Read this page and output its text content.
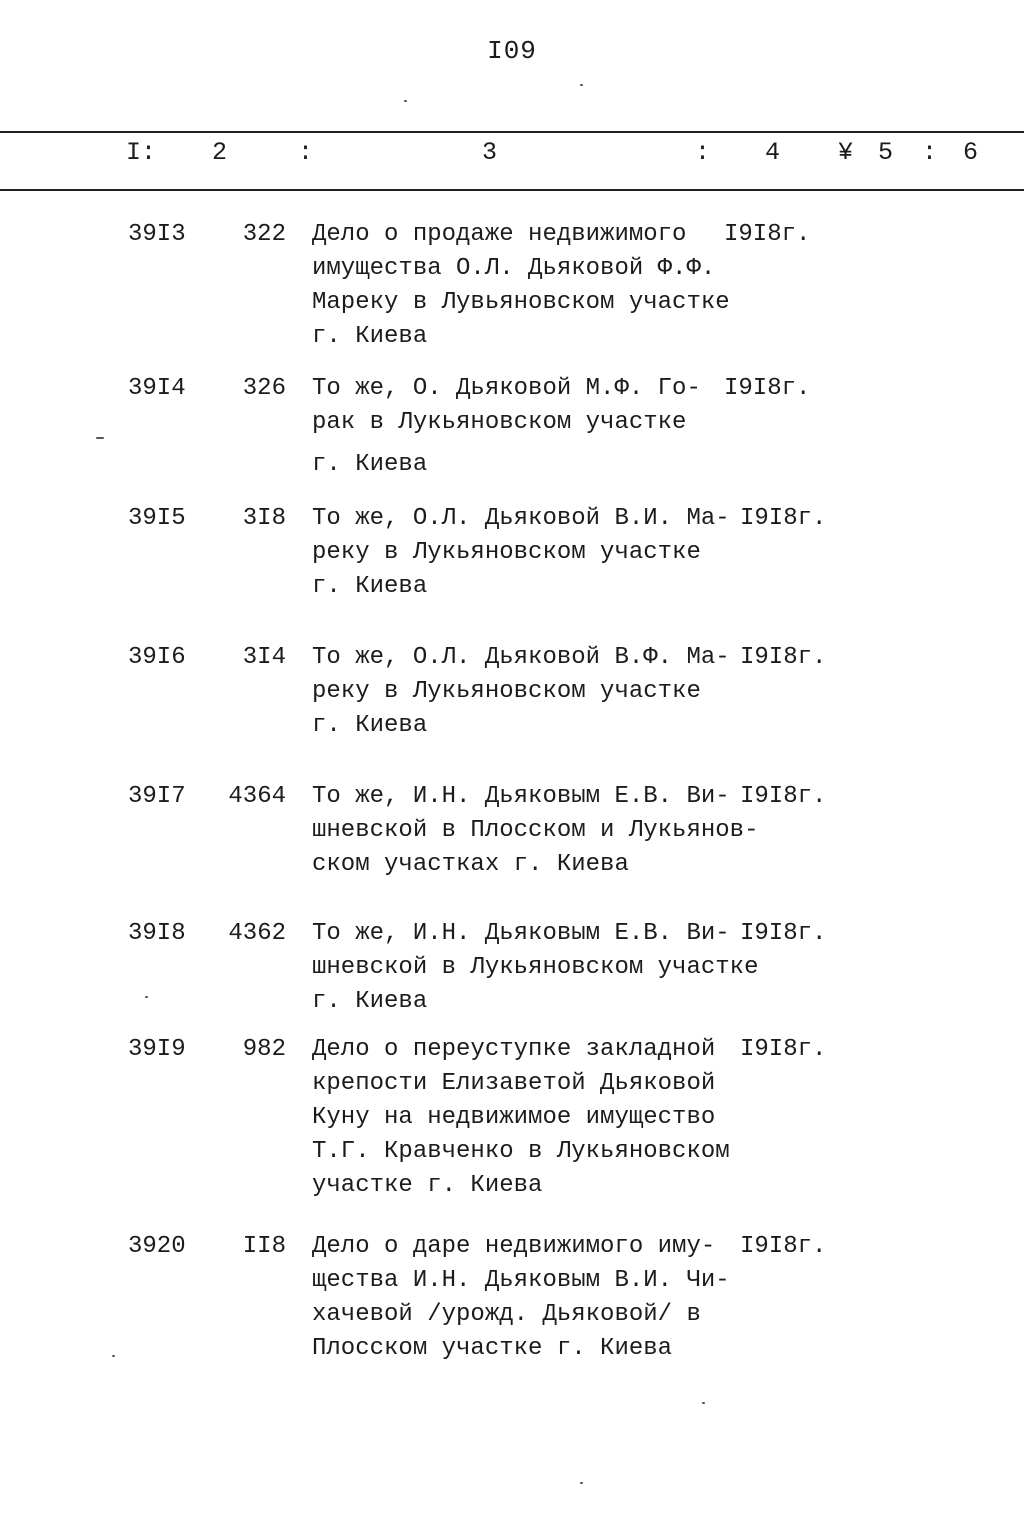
I09
I: 2	:	3	: 4 ¥ 5 : 6
39I3	322 Дело о продаже недвижимого
имущества О.Л. Дьяковой Ф.Ф.
Мареку в Лувьяновском участке
г. Киева
I9I8г.
39I4	326 То же, О. Дьяковой М.Ф. Го-
рак в Лукьяновском участке
г. Киева
I9I8г.
39I5	3I8 То же, О.Л. Дьяковой В.И. Ма-
реку в Лукьяновском участке
г. Киева
I9I8г.
39I6	3I4 То же, О.Л. Дьяковой В.Ф. Ма-
реку в Лукьяновском участке
г. Киева
I9I8г.
39I7	4364 То же, И.Н. Дьяковым Е.В. Ви-
шневской в Плосском и Лукьянов-
ском участках г. Киева
I9I8г.
39I8	4362 То же, И.Н. Дьяковым Е.В. Ви-
шневской в Лукьяновском участке
г. Киева
I9I8г.
39I9	982 Дело о переуступке закладной
крепости Елизаветой Дьяковой
Куну на недвижимое имущество
Т.Г. Кравченко в Лукьяновском
участке г. Киева
I9I8г.
3920	II8 Дело о даре недвижимого иму-
щества И.Н. Дьяковым В.И. Чи-
хачевой /урожд. Дьяковой/ в
Плосском участке г. Киева
I9I8г.
